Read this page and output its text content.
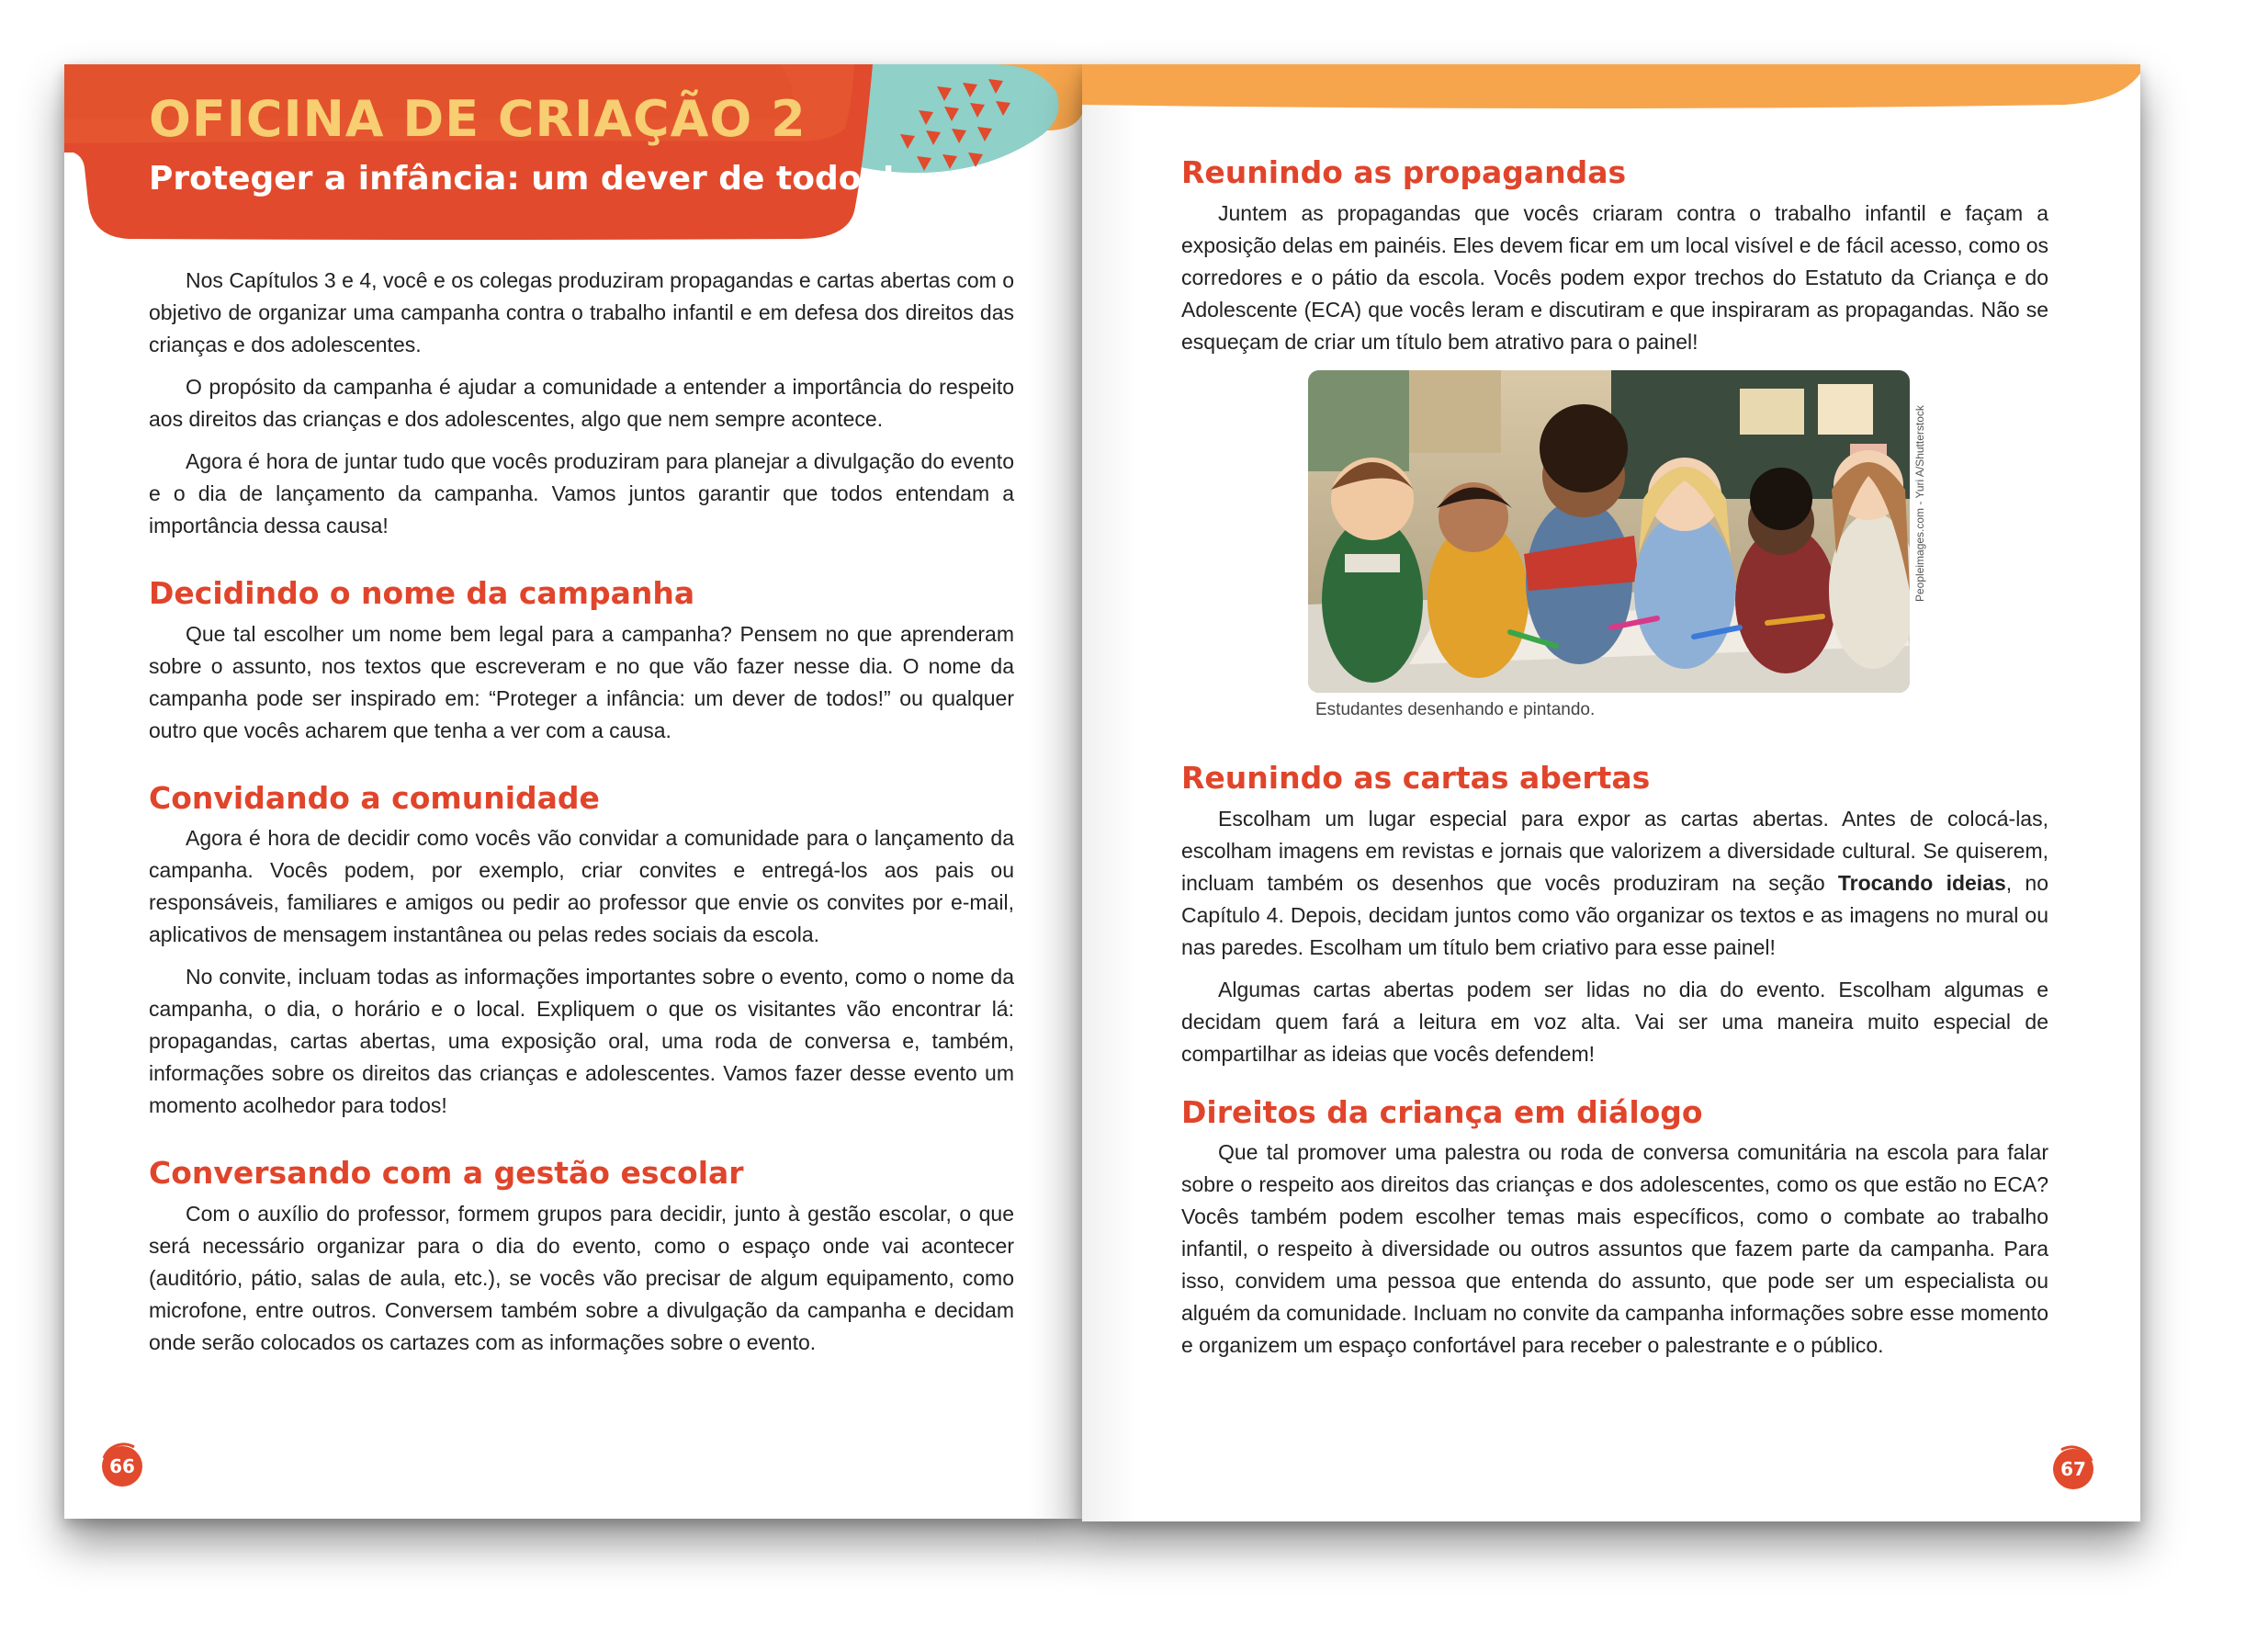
OFICINA DE CRIAÇÃO 2
Proteger a infância: um dever de todos!

Nos Capítulos 3 e 4, você e os colegas produziram propagandas e cartas abertas com o objetivo de organizar uma campanha contra o trabalho infantil e em defesa dos direitos das crianças e dos adolescentes.

O propósito da campanha é ajudar a comunidade a entender a importância do respeito aos direitos das crianças e dos adolescentes, algo que nem sempre acontece.

Agora é hora de juntar tudo que vocês produziram para planejar a divulgação do evento e o dia de lançamento da campanha. Vamos juntos garantir que todos entendam a importância dessa causa!

Decidindo o nome da campanha

Que tal escolher um nome bem legal para a campanha? Pensem no que aprenderam sobre o assunto, nos textos que escreveram e no que vão fazer nesse dia. O nome da campanha pode ser inspirado em: “Proteger a infância: um dever de todos!” ou qualquer outro que vocês acharem que tenha a ver com a causa.

Convidando a comunidade

Agora é hora de decidir como vocês vão convidar a comunidade para o lançamento da campanha. Vocês podem, por exemplo, criar convites e entregá-los aos pais ou responsáveis, familiares e amigos ou pedir ao professor que envie os convites por e-mail, aplicativos de mensagem instantânea ou pelas redes sociais da escola.

No convite, incluam todas as informações importantes sobre o evento, como o nome da campanha, o dia, o horário e o local. Expliquem o que os visitantes vão encontrar lá: propagandas, cartas abertas, uma exposição oral, uma roda de conversa e, também, informações sobre os direitos das crianças e adolescentes. Vamos fazer desse evento um momento acolhedor para todos!

Conversando com a gestão escolar

Com o auxílio do professor, formem grupos para decidir, junto à gestão escolar, o que será necessário organizar para o dia do evento, como o espaço onde vai acontecer (auditório, pátio, salas de aula, etc.), se vocês vão precisar de algum equipamento, como microfone, entre outros. Conversem também sobre a divulgação da campanha e decidam onde serão colocados os cartazes com as informações sobre o evento.

66
Reunindo as propagandas

Juntem as propagandas que vocês criaram contra o trabalho infantil e façam a exposição delas em painéis. Eles devem ficar em um local visível e de fácil acesso, como os corredores e o pátio da escola. Vocês podem expor trechos do Estatuto da Criança e do Adolescente (ECA) que vocês leram e discutiram e que inspiraram as propagandas. Não se esqueçam de criar um título bem atrativo para o painel!

Peopleimages.com - Yuri A/Shutterstock

Estudantes desenhando e pintando.

Reunindo as cartas abertas

Escolham um lugar especial para expor as cartas abertas. Antes de colocá-las, escolham imagens em revistas e jornais que valorizem a diversidade cultural. Se quiserem, incluam também os desenhos que vocês produziram na seção Trocando ideias, no Capítulo 4. Depois, decidam juntos como vão organizar os textos e as imagens no mural ou nas paredes. Escolham um título bem criativo para esse painel!

Algumas cartas abertas podem ser lidas no dia do evento. Escolham algumas e decidam quem fará a leitura em voz alta. Vai ser uma maneira muito especial de compartilhar as ideias que vocês defendem!

Direitos da criança em diálogo

Que tal promover uma palestra ou roda de conversa comunitária na escola para falar sobre o respeito aos direitos das crianças e dos adolescentes, como os que estão no ECA? Vocês também podem escolher temas mais específicos, como o combate ao trabalho infantil, o respeito à diversidade ou outros assuntos que fazem parte da campanha. Para isso, convidem uma pessoa que entenda do assunto, que pode ser um especialista ou alguém da comunidade. Incluam no convite da campanha informações sobre esse momento e organizem um espaço confortável para receber o palestrante e o público.

67
